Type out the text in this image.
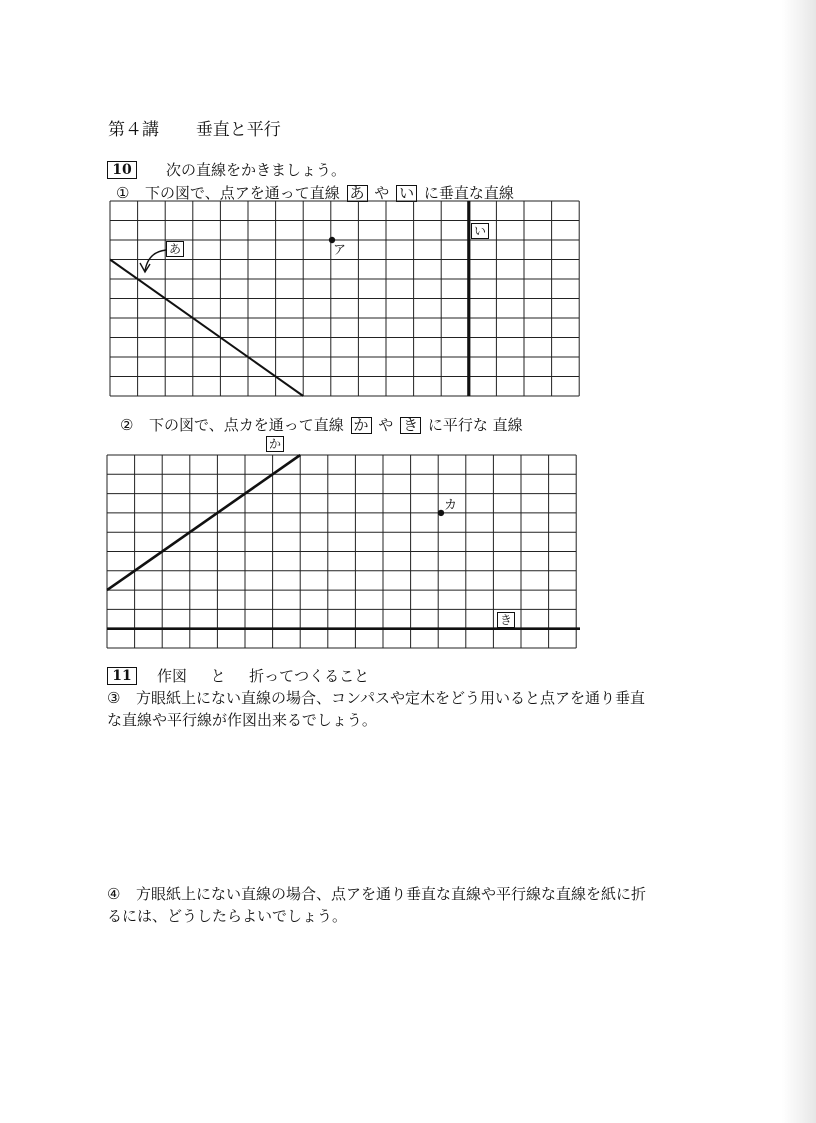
第４講 垂直と平行
10	次の直線をかきましょう。
① 下の図で、点アを通って直線 あ や い に垂直な直線
あ
い
ア
② 下の図で、点カを通って直線 か や き に平行な 直線
か
き
カ
11	作図 と 折ってつくること
③ 方眼紙上にない直線の場合、コンパスや定木をどう用いると点アを通り垂直
な直線や平行線が作図出来るでしょう。
④ 方眼紙上にない直線の場合、点アを通り垂直な直線や平行線な直線を紙に折
るには、どうしたらよいでしょう。
